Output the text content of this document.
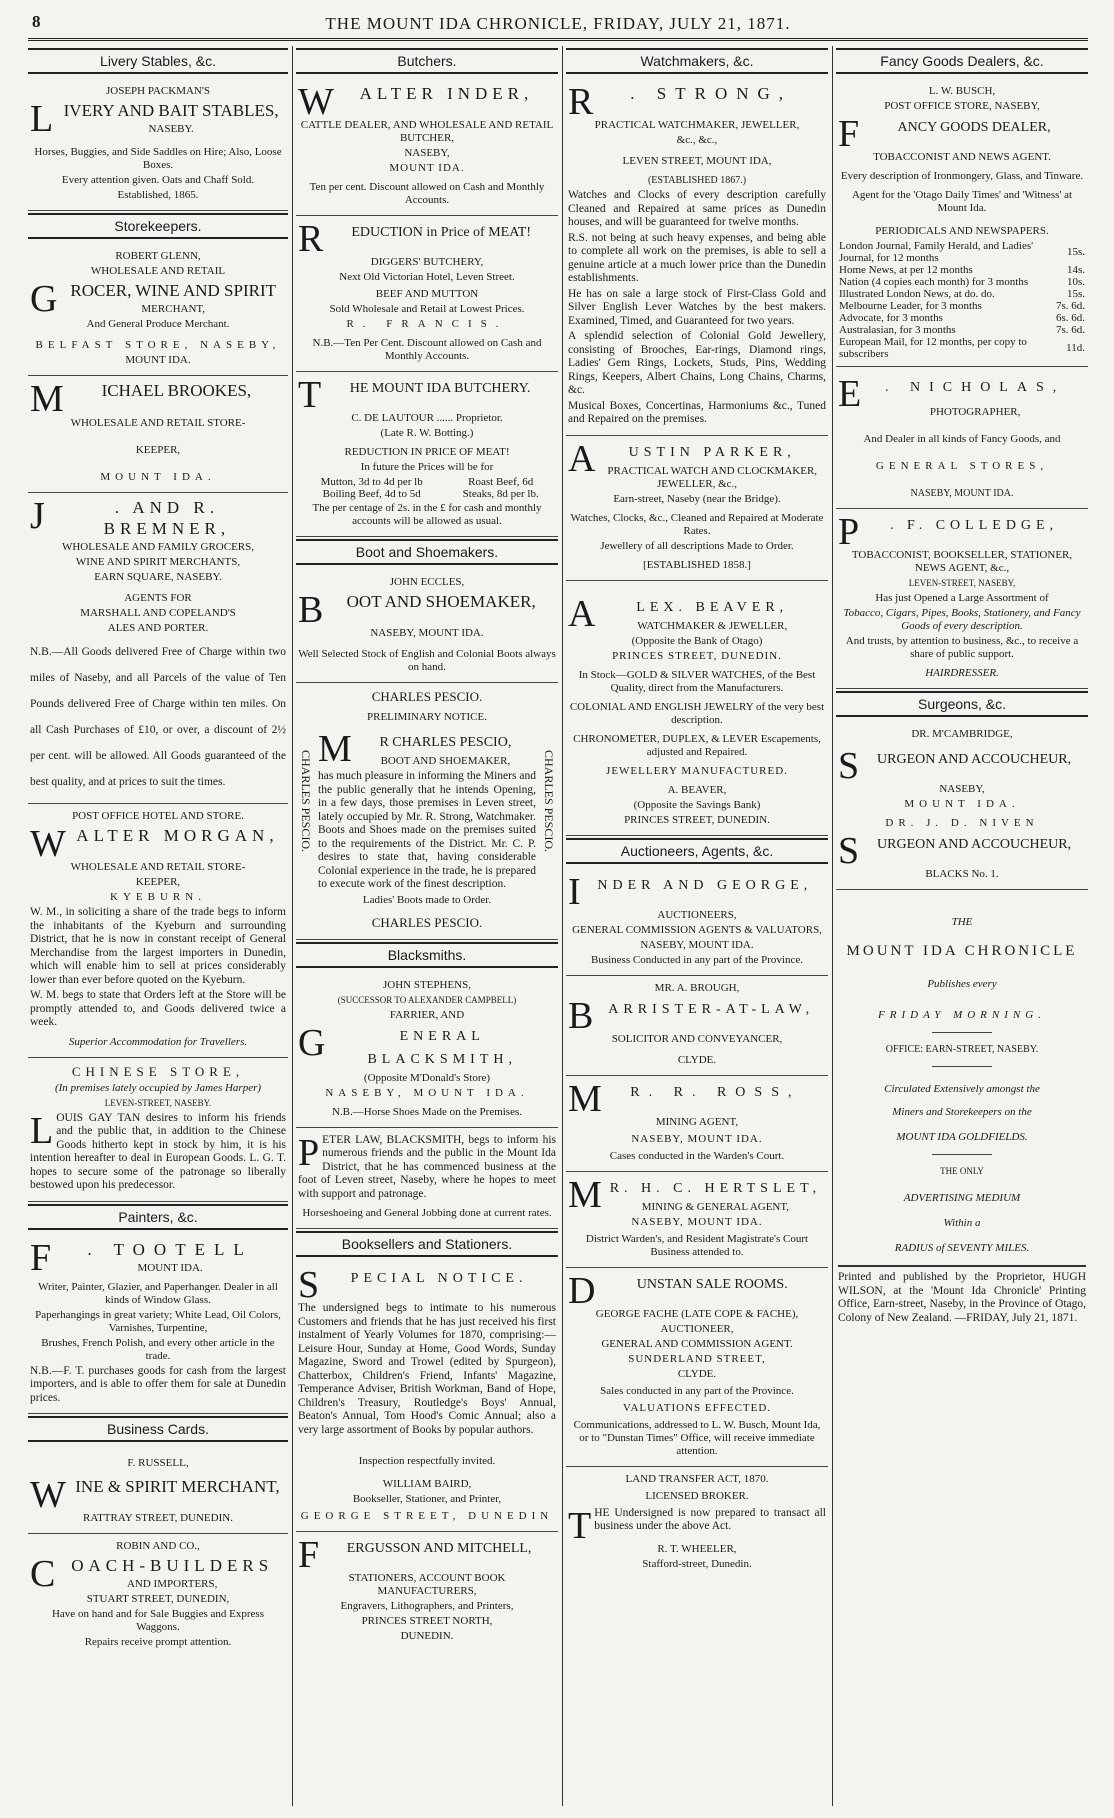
8	THE MOUNT IDA CHRONICLE, FRIDAY, JULY 21, 1871.
Livery Stables, &c.

JOSEPH PACKMAN'S

LIVERY AND BAIT STABLES,

NASEBY.

Horses, Buggies, and Side Saddles on Hire; Also, Loose Boxes.

Every attention given. Oats and Chaff Sold.

Established, 1865.

Storekeepers.

ROBERT GLENN,

WHOLESALE AND RETAIL

GROCER, WINE AND SPIRIT

MERCHANT,

And General Produce Merchant.

BELFAST STORE, NASEBY,

MOUNT IDA.

M ICHAEL BROOKES,

WHOLESALE AND RETAIL STORE-

KEEPER,

MOUNT IDA.

J	. AND R. BREMNER,

WHOLESALE AND FAMILY GROCERS,

WINE AND SPIRIT MERCHANTS,

EARN SQUARE, NASEBY.

AGENTS FOR

MARSHALL AND COPELAND'S

ALES AND PORTER.

N.B.—All Goods delivered Free of Charge within two miles of Naseby, and all Parcels of the value of Ten Pounds delivered Free of Charge within ten miles. On all Cash Purchases of £10, or over, a discount of 2½ per cent. will be allowed. All Goods guaranteed of the best quality, and at prices to suit the times.

POST OFFICE HOTEL AND STORE.

WALTER MORGAN,

WHOLESALE AND RETAIL STORE-

KEEPER,

KYEBURN.

W. M., in soliciting a share of the trade begs to inform the inhabitants of the Kyeburn and surrounding District, that he is now in constant receipt of General Merchandise from the largest importers in Dunedin, which will enable him to sell at prices considerably lower than ever before quoted on the Kyeburn.

W. M. begs to state that Orders left at the Store will be promptly attended to, and Goods delivered twice a week.

Superior Accommodation for Travellers.

CHINESE STORE,

(In premises lately occupied by James Harper)

LEVEN-STREET, NASEBY.

LOUIS GAY TAN desires to inform his friends and the public that, in addition to the Chinese Goods hitherto kept in stock by him, it is his intention hereafter to deal in European Goods. L. G. T. hopes to secure some of the patronage so liberally bestowed upon his predecessor.

Painters, &c.
F . TOOTELL

MOUNT IDA.

Writer, Painter, Glazier, and Paperhanger. Dealer in all kinds of Window Glass.

Paperhangings in great variety; White Lead, Oil Colors, Varnishes, Turpentine,

Brushes, French Polish, and every other article in the trade.

N.B.—F. T. purchases goods for cash from the largest importers, and is able to offer them for sale at Dunedin prices.

Business Cards.

F. RUSSELL,

WINE & SPIRIT MERCHANT,

RATTRAY STREET, DUNEDIN.

ROBIN AND CO.,

COACH-BUILDERS

AND IMPORTERS,

STUART STREET, DUNEDIN,

Have on hand and for Sale Buggies and Express Waggons.

Repairs receive prompt attention.

Butchers.
W ALTER INDER,

CATTLE DEALER, AND WHOLESALE AND RETAIL BUTCHER,

NASEBY,

MOUNT IDA.

Ten per cent. Discount allowed on Cash and Monthly Accounts.

R EDUCTION in Price of MEAT!

DIGGERS' BUTCHERY,

Next Old Victorian Hotel, Leven Street.

BEEF AND MUTTON

Sold Wholesale and Retail at Lowest Prices.

R. FRANCIS.

N.B.—Ten Per Cent. Discount allowed on Cash and Monthly Accounts.

T HE MOUNT IDA BUTCHERY.

C. DE LAUTOUR ...... Proprietor.

(Late R. W. Botting.)

REDUCTION IN PRICE OF MEAT!

In future the Prices will be for

Mutton, 3d to 4d per lb	Roast Beef, 6d
Boiling Beef, 4d to 5d	Steaks, 8d per lb.

The per centage of 2s. in the £ for cash and monthly accounts will be allowed as usual.

Boot and Shoemakers.

JOHN ECCLES,

B OOT AND SHOEMAKER,

NASEBY, MOUNT IDA.

Well Selected Stock of English and Colonial Boots always on hand.

CHARLES PESCIO.

PRELIMINARY NOTICE.

CHARLES PESCIO.	CHARLES PESCIO.
M R CHARLES PESCIO,

BOOT AND SHOEMAKER,

has much pleasure in informing the Miners and the public generally that he intends Opening, in a few days, those premises in Leven street, lately occupied by Mr. R. Strong, Watchmaker. Boots and Shoes made on the premises suited to the requirements of the District. Mr. C. P. desires to state that, having considerable Colonial experience in the trade, he is prepared to execute work of the finest description.

Ladies' Boots made to Order.

CHARLES PESCIO.

Blacksmiths.

JOHN STEPHENS,

(SUCCESSOR TO ALEXANDER CAMPBELL)

FARRIER, AND

G	ENERAL BLACKSMITH,

(Opposite M'Donald's Store)

NASEBY, MOUNT IDA.

N.B.—Horse Shoes Made on the Premises.

PETER LAW, BLACKSMITH, begs to inform his numerous friends and the public in the Mount Ida District, that he has commenced business at the foot of Leven street, Naseby, where he hopes to meet with support and patronage.

Horseshoeing and General Jobbing done at current rates.

Booksellers and Stationers.
S PECIAL NOTICE.

The undersigned begs to intimate to his numerous Customers and friends that he has just received his first instalment of Yearly Volumes for 1870, comprising:—Leisure Hour, Sunday at Home, Good Words, Sunday Magazine, Sword and Trowel (edited by Spurgeon), Chatterbox, Children's Friend, Infants' Magazine, Temperance Adviser, British Workman, Band of Hope, Children's Treasury, Routledge's Boys' Annual, Beaton's Annual, Tom Hood's Comic Annual; also a very large assortment of Books by popular authors.

Inspection respectfully invited.

WILLIAM BAIRD,

Bookseller, Stationer, and Printer,

GEORGE STREET, DUNEDIN

F ERGUSSON AND MITCHELL,

STATIONERS, ACCOUNT BOOK MANUFACTURERS,

Engravers, Lithographers, and Printers,

PRINCES STREET NORTH,

DUNEDIN.

Watchmakers, &c.
R . STRONG,

PRACTICAL WATCHMAKER, JEWELLER,

&c., &c.,

LEVEN STREET, MOUNT IDA,

(ESTABLISHED 1867.)

Watches and Clocks of every description carefully Cleaned and Repaired at same prices as Dunedin houses, and will be guaranteed for twelve months.

R.S. not being at such heavy expenses, and being able to complete all work on the premises, is able to sell a genuine article at a much lower price than the Dunedin establishments.

He has on sale a large stock of First-Class Gold and Silver English Lever Watches by the best makers. Examined, Timed, and Guaranteed for two years.

A splendid selection of Colonial Gold Jewellery, consisting of Brooches, Ear-rings, Diamond rings, Ladies' Gem Rings, Lockets, Studs, Pins, Wedding Rings, Keepers, Albert Chains, Long Chains, Charms, &c.

Musical Boxes, Concertinas, Harmoniums &c., Tuned and Repaired on the premises.

A USTIN PARKER,

PRACTICAL WATCH AND CLOCKMAKER, JEWELLER, &c.,

Earn-street, Naseby (near the Bridge).

Watches, Clocks, &c., Cleaned and Repaired at Moderate Rates.

Jewellery of all descriptions Made to Order.

[ESTABLISHED 1858.]

A	LEX. BEAVER,

WATCHMAKER & JEWELLER,

(Opposite the Bank of Otago)

PRINCES STREET, DUNEDIN.

In Stock—GOLD & SILVER WATCHES, of the Best Quality, direct from the Manufacturers.

COLONIAL AND ENGLISH JEWELRY of the very best description.

CHRONOMETER, DUPLEX, & LEVER Escapements, adjusted and Repaired.

JEWELLERY MANUFACTURED.

A. BEAVER,

(Opposite the Savings Bank)

PRINCES STREET, DUNEDIN.

Auctioneers, Agents, &c.
I NDER AND GEORGE,

AUCTIONEERS,

GENERAL COMMISSION AGENTS & VALUATORS,

NASEBY, MOUNT IDA.

Business Conducted in any part of the Province.

MR. A. BROUGH,

B ARRISTER-AT-LAW,

SOLICITOR AND CONVEYANCER,

CLYDE.

M R. R. ROSS,

MINING AGENT,

NASEBY, MOUNT IDA.

Cases conducted in the Warden's Court.

M R. H. C. HERTSLET,

MINING & GENERAL AGENT,

NASEBY, MOUNT IDA.

District Warden's, and Resident Magistrate's Court Business attended to.

D	UNSTAN SALE ROOMS.

GEORGE FACHE (LATE COPE & FACHE),

AUCTIONEER,

GENERAL AND COMMISSION AGENT.

SUNDERLAND STREET,

CLYDE.

Sales conducted in any part of the Province.

VALUATIONS EFFECTED.

Communications, addressed to L. W. Busch, Mount Ida, or to "Dunstan Times" Office, will receive immediate attention.

LAND TRANSFER ACT, 1870.

LICENSED BROKER.

THE Undersigned is now prepared to transact all business under the above Act.

R. T. WHEELER,

Stafford-street, Dunedin.

Fancy Goods Dealers, &c.

L. W. BUSCH,

POST OFFICE STORE, NASEBY,

F	ANCY GOODS DEALER,

TOBACCONIST AND NEWS AGENT.

Every description of Ironmongery, Glass, and Tinware.

Agent for the 'Otago Daily Times' and 'Witness' at Mount Ida.

PERIODICALS AND NEWSPAPERS.

London Journal, Family Herald, and Ladies' Journal, for 12 months	15s.
Home News, at per 12 months	14s.
Nation (4 copies each month) for 3 months	10s.
Illustrated London News, at do. do.	15s.
Melbourne Leader, for 3 months	7s. 6d.
Advocate, for 3 months	6s. 6d.
Australasian, for 3 months	7s. 6d.
European Mail, for 12 months, per copy to subscribers	11d.
E . NICHOLAS,

PHOTOGRAPHER,

And Dealer in all kinds of Fancy Goods, and

GENERAL STORES,

NASEBY, MOUNT IDA.

P . F. COLLEDGE,

TOBACCONIST, BOOKSELLER, STATIONER, NEWS AGENT, &c.,

LEVEN-STREET, NASEBY,

Has just Opened a Large Assortment of

Tobacco, Cigars, Pipes, Books, Stationery, and Fancy Goods of every description.

And trusts, by attention to business, &c., to receive a share of public support.

HAIRDRESSER.

Surgeons, &c.

DR. M'CAMBRIDGE,

S URGEON AND ACCOUCHEUR,

NASEBY,

MOUNT IDA.

DR. J. D. NIVEN

S URGEON AND ACCOUCHEUR,

BLACKS No. 1.

THE

MOUNT IDA CHRONICLE

Publishes every

FRIDAY MORNING.

OFFICE: EARN-STREET, NASEBY.

Circulated Extensively amongst the

Miners and Storekeepers on the

MOUNT IDA GOLDFIELDS.

THE ONLY

ADVERTISING MEDIUM

Within a

RADIUS of SEVENTY MILES.

Printed and published by the Proprietor, HUGH WILSON, at the 'Mount Ida Chronicle' Printing Office, Earn-street, Naseby, in the Province of Otago, Colony of New Zealand. —FRIDAY, July 21, 1871.
